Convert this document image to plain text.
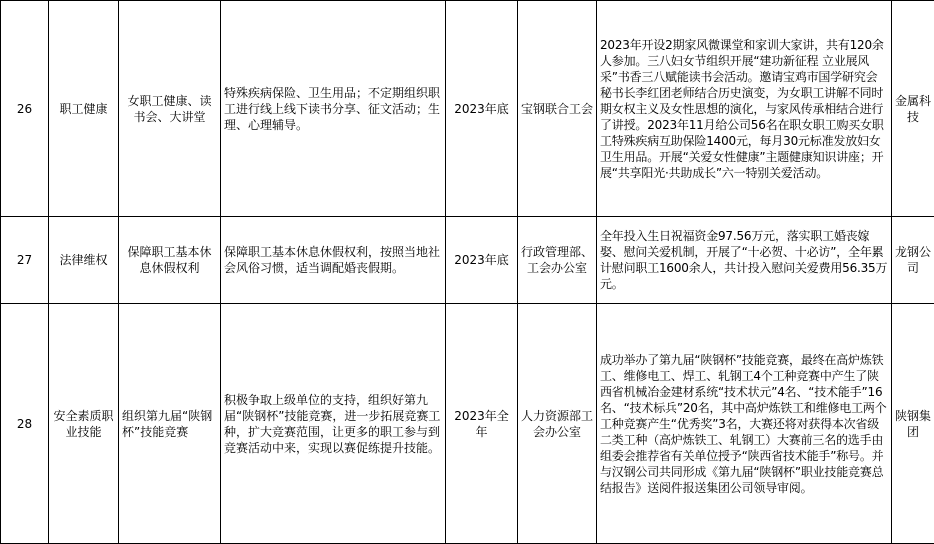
26	职工健康	女职工健康、读书会、大讲堂	特殊疾病保险、卫生用品；不定期组织职工进行线上线下读书分享、征文活动；生理、心理辅导。	2023年底	宝钢联合工会	2023年开设2期家风微课堂和家训大家讲，共有120余人参加。三八妇女节组织开展“建功新征程 立业展风采”书香三八赋能读书会活动。邀请宝鸡市国学研究会秘书长李红团老师结合历史演变，为女职工讲解不同时期女权主义及女性思想的演化，与家风传承相结合进行了讲授。2023年11月给公司56名在职女职工购买女职工特殊疾病互助保险1400元，每月30元标准发放妇女卫生用品。开展“关爱女性健康”主题健康知识讲座；开展“共享阳光·共助成长”六一特别关爱活动。	金属科技
27	法律维权	保障职工基本休息休假权利	保障职工基本休息休假权利，按照当地社会风俗习惯，适当调配婚丧假期。	2023年底	行政管理部、工会办公室	全年投入生日祝福资金97.56万元，落实职工婚丧嫁娶、慰问关爱机制，开展了“十必贺、十必访”，全年累计慰问职工1600余人，共计投入慰问关爱费用56.35万元。	龙钢公司
28	安全素质职业技能	组织第九届“陕钢杯”技能竞赛	积极争取上级单位的支持，组织好第九届“陕钢杯”技能竞赛，进一步拓展竞赛工种，扩大竞赛范围，让更多的职工参与到竞赛活动中来，实现以赛促练提升技能。	2023年全年	人力资源部工会办公室	成功举办了第九届“陕钢杯”技能竞赛，最终在高炉炼铁工、维修电工、焊工、轧钢工4个工种竞赛中产生了陕西省机械冶金建材系统“技术状元”4名、“技术能手”16名、“技术标兵”20名，其中高炉炼铁工和维修电工两个工种竞赛产生“优秀奖”3名，大赛还将对获得本次省级二类工种（高炉炼铁工、轧钢工）大赛前三名的选手由组委会推荐省有关单位授予“陕西省技术能手”称号。并与汉钢公司共同形成《第九届“陕钢杯”职业技能竞赛总结报告》送阅件报送集团公司领导审阅。	陕钢集团
